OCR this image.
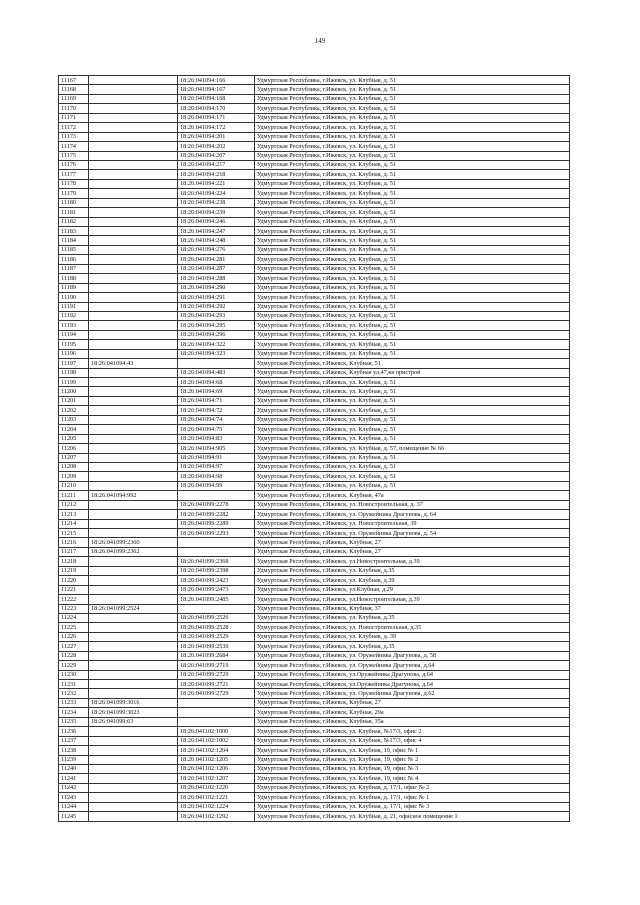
149
11167		18:26:041094:166	Удмуртская Республика, г.Ижевск, ул. Клубная, д. 51
11168		18:26:041094:167	Удмуртская Республика, г.Ижевск, ул. Клубная, д. 51
11169		18:26:041094:168	Удмуртская Республика, г.Ижевск, ул. Клубная, д. 51
11170		18:26:041094:170	Удмуртская Республика, г.Ижевск, ул. Клубная, д. 51
11171		18:26:041094:171	Удмуртская Республика, г.Ижевск, ул. Клубная, д. 51
11172		18:26:041094:172	Удмуртская Республика, г.Ижевск, ул. Клубная, д. 51
11173		18:26:041094:201	Удмуртская Республика, г.Ижевск, ул. Клубная, д. 51
11174		18:26:041094:202	Удмуртская Республика, г.Ижевск, ул. Клубная, д. 51
11175		18:26:041094:207	Удмуртская Республика, г.Ижевск, ул. Клубная, д. 51
11176		18:26:041094:217	Удмуртская Республика, г.Ижевск, ул. Клубная, д. 51
11177		18:26:041094:218	Удмуртская Республика, г.Ижевск, ул. Клубная, д. 51
11178		18:26:041094:221	Удмуртская Республика, г.Ижевск, ул. Клубная, д. 51
11179		18:26:041094:224	Удмуртская Республика, г.Ижевск, ул. Клубная, д. 51
11180		18:26:041094:238	Удмуртская Республика, г.Ижевск, ул. Клубная, д. 51
11181		18:26:041094:239	Удмуртская Республика, г.Ижевск, ул. Клубная, д. 51
11182		18:26:041094:246	Удмуртская Республика, г.Ижевск, ул. Клубная, д. 51
11183		18:26:041094:247	Удмуртская Республика, г.Ижевск, ул. Клубная, д. 51
11184		18:26:041094:248	Удмуртская Республика, г.Ижевск, ул. Клубная, д. 51
11185		18:26:041094:276	Удмуртская Республика, г.Ижевск, ул. Клубная, д. 51
11186		18:26:041094:281	Удмуртская Республика, г.Ижевск, ул. Клубная, д. 51
11187		18:26:041094:287	Удмуртская Республика, г.Ижевск, ул. Клубная, д. 51
11188		18:26:041094:288	Удмуртская Республика, г.Ижевск, ул. Клубная, д. 51
11189		18:26:041094:290	Удмуртская Республика, г.Ижевск, ул. Клубная, д. 51
11190		18:26:041094:291	Удмуртская Республика, г.Ижевск, ул. Клубная, д. 51
11191		18:26:041094:292	Удмуртская Республика, г.Ижевск, ул. Клубная, д. 51
11192		18:26:041094:293	Удмуртская Республика, г.Ижевск, ул. Клубная, д. 51
11193		18:26:041094:295	Удмуртская Республика, г.Ижевск, ул. Клубная, д. 51
11194		18:26:041094:296	Удмуртская Республика, г.Ижевск, ул. Клубная, д. 51
11195		18:26:041094:322	Удмуртская Республика, г.Ижевск, ул. Клубная, д. 51
11196		18:26:041094:323	Удмуртская Республика, г.Ижевск, ул. Клубная, д. 51
11197	18:26:041094:43		Удмуртская Республика, г.Ижевск, Клубная, 51
11198		18:26:041094:483	Удмуртская Республика, г.Ижевск, Клубная ул,47,кв пристрой
11199		18:26:041094:68	Удмуртская Республика, г.Ижевск, ул. Клубная, д. 51
11200		18:26:041094:69	Удмуртская Республика, г.Ижевск, ул. Клубная, д. 51
11201		18:26:041094:71	Удмуртская Республика, г.Ижевск, ул. Клубная, д. 51
11202		18:26:041094:72	Удмуртская Республика, г.Ижевск, ул. Клубная, д. 51
11203		18:26:041094:74	Удмуртская Республика, г.Ижевск, ул. Клубная, д. 51
11204		18:26:041094:75	Удмуртская Республика, г.Ижевск, ул. Клубная, д. 51
11205		18:26:041094:83	Удмуртская Республика, г.Ижевск, ул. Клубная, д. 51
11206		18:26:041094:905	Удмуртская Республика, г.Ижевск, ул. Клубная, д. 57, помещение № 66
11207		18:26:041094:91	Удмуртская Республика, г.Ижевск, ул. Клубная, д. 51
11208		18:26:041094:97	Удмуртская Республика, г.Ижевск, ул. Клубная, д. 51
11209		18:26:041094:98	Удмуртская Республика, г.Ижевск, ул. Клубная, д. 51
11210		18:26:041094:99	Удмуртская Республика, г.Ижевск, ул. Клубная, д. 51
11211	18:26:041094:992		Удмуртская Республика, г.Ижевск, Клубная, 47а
11212		18:26:041099:2278	Удмуртская Республика, г.Ижевск, ул. Новостроительная, д. 37
11213		18:26:041099:2282	Удмуртская Республика, г.Ижевск, ул. Оружейника Драгунова, д. 64
11214		18:26:041099:2289	Удмуртская Республика, г.Ижевск, ул. Новостроительная, 39
11215		18:26:041099:2293	Удмуртская Республика, г.Ижевск, ул. Оружейника Драгунова, д. 54
11216	18:26:041099:2360		Удмуртская Республика, г.Ижевск, Клубная, 27
11217	18:26:041099:2362		Удмуртская Республика, г.Ижевск, Клубная, 27
11218		18:26:041099:2368	Удмуртская Республика, г.Ижевск, ул.Новостроительная, д.39
11219		18:26:041099:2398	Удмуртская Республика, г.Ижевск, ул. Клубная, д.35
11220		18:26:041099:2423	Удмуртская Республика, г.Ижевск, ул. Клубная, д.39
11221		18:26:041099:2473	Удмуртская Республика, г.Ижевск, ул.Клубная, д.29
11222		18:26:041099:2485	Удмуртская Республика, г.Ижевск, ул.Новостроительная, д.39
11223	18:26:041099:2524		Удмуртская Республика, г.Ижевск, Клубная, 37
11224		18:26:041099:2526	Удмуртская Республика, г.Ижевск, ул. Клубная, д.35
11225		18:26:041099:2528	Удмуртская Республика, г.Ижевск, ул. Новостроительная, д.35
11226		18:26:041099:2529	Удмуртская Республика, г.Ижевск, ул. Клубная, д. 39
11227		18:26:041099:2530	Удмуртская Республика, г.Ижевск, ул. Клубная, д.35
11228		18:26:041099:2684	Удмуртская Республика, г.Ижевск, ул. Оружейника Драгунова, д. 58
11229		18:26:041099:2719	Удмуртская Республика, г.Ижевск, ул. Оружейника Драгунова, д.64
11230		18:26:041099:2720	Удмуртская Республика, г.Ижевск, ул.Оружейника Драгунова, д.64
11231		18:26:041099:2721	Удмуртская Республика, г.Ижевск, ул.Оружейника Драгунова, д.64
11232		18:26:041099:2729	Удмуртская Республика, г.Ижевск, ул. Оружейника Драгунова, д.62
11233	18:26:041099:3016		Удмуртская Республика, г.Ижевск, Клубная, 27
11234	18:26:041099:3023		Удмуртская Республика, г.Ижевск, Клубная, 29а
11235	18:26:041099:63		Удмуртская Республика, г.Ижевск, Клубная, 35а
11236		18:26:041102:1000	Удмуртская Республика, г.Ижевск, ул. Клубная, №17/3, офис 2
11237		18:26:041102:1002	Удмуртская Республика, г.Ижевск, ул. Клубная, №17/3, офис 4
11238		18:26:041102:1204	Удмуртская Республика, г.Ижевск, ул. Клубная, 19, офис № 1
11239		18:26:041102:1205	Удмуртская Республика, г.Ижевск, ул. Клубная, 19, офис № 2
11240		18:26:041102:1206	Удмуртская Республика, г.Ижевск, ул. Клубная, 19, офис № 3
11241		18:26:041102:1207	Удмуртская Республика, г.Ижевск, ул. Клубная, 19, офис № 4
11242		18:26:041102:1220	Удмуртская Республика, г.Ижевск, ул. Клубная, д. 17/1, офис № 2
11243		18:26:041102:1221	Удмуртская Республика, г.Ижевск, ул. Клубная, д. 17/1, офис № 1
11244		18:26:041102:1224	Удмуртская Республика, г.Ижевск, ул. Клубная, д. 17/1, офис № 3
11245		18:26:041102:1292	Удмуртская Республика, г.Ижевск, ул. Клубная, д. 21, офисное помещение 1
